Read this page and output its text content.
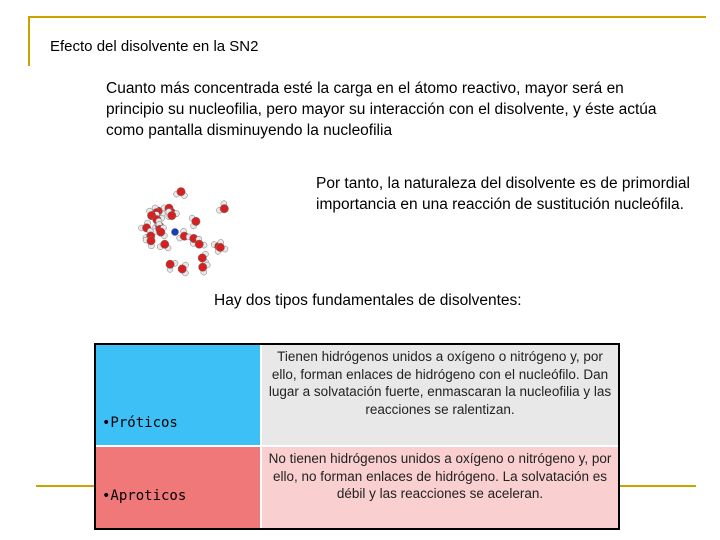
Efecto del disolvente en la SN2
Cuanto más concentrada esté la carga en el átomo reactivo, mayor será en principio su nucleofilia, pero mayor su interacción con el disolvente, y éste actúa como pantalla disminuyendo la nucleofilia
Por tanto, la naturaleza del disolvente es de primordial importancia en una reacción de sustitución nucleófila.
Hay dos tipos fundamentales de disolventes:
•Próticos
Tienen hidrógenos unidos a oxígeno o nitrógeno y, por ello, forman enlaces de hidrógeno con el nucleófilo. Dan lugar a solvatación fuerte, enmascaran la nucleofilia y las reacciones se ralentizan.
•Aproticos
No tienen hidrógenos unidos a oxígeno o nitrógeno y, por ello, no forman enlaces de hidrógeno. La solvatación es débil y las reacciones se aceleran.
